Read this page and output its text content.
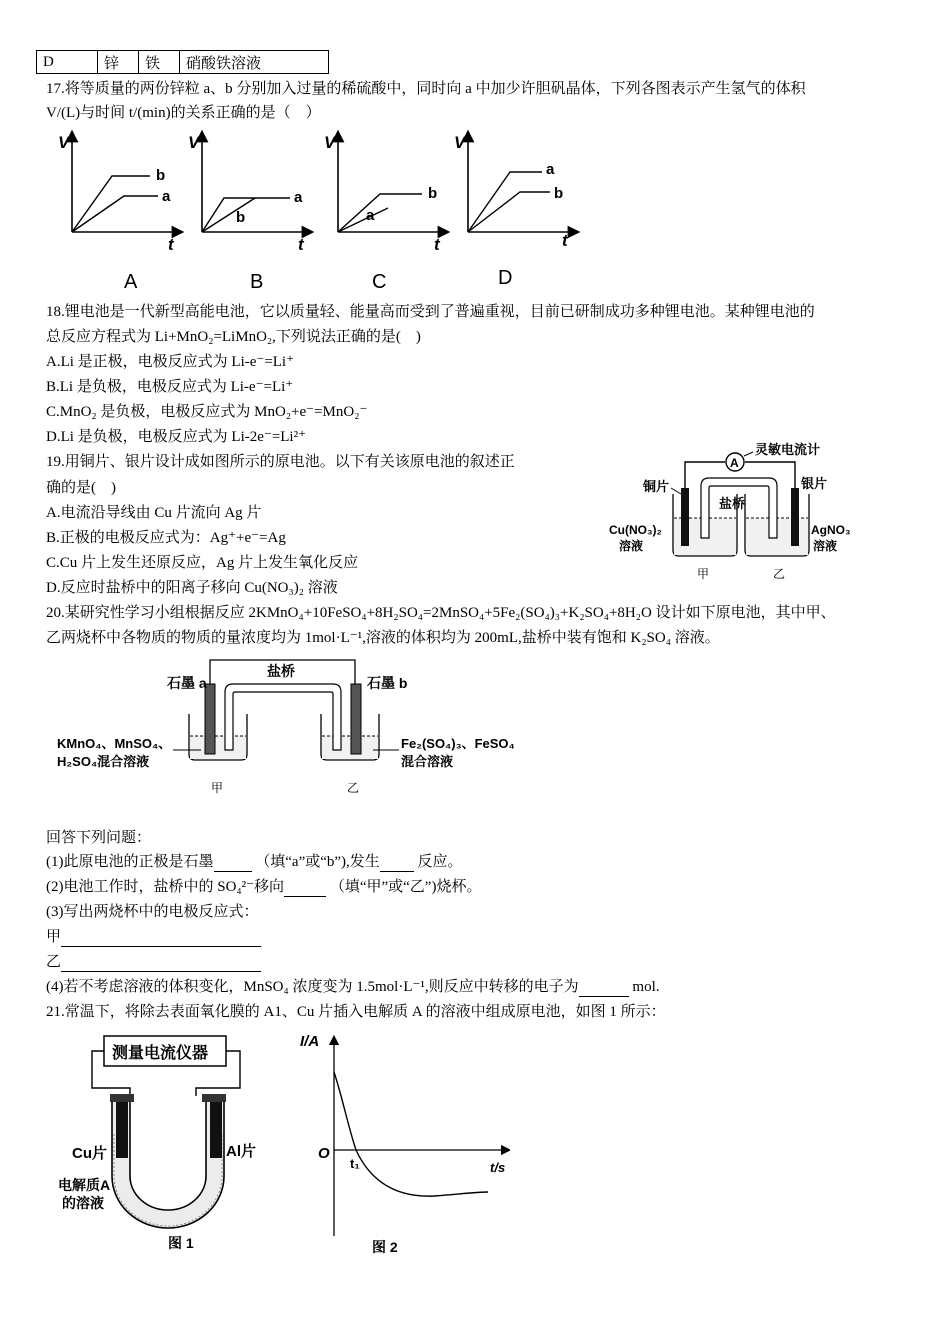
D	锌	铁	硝酸铁溶液
17.将等质量的两份锌粒 a、b 分别加入过量的稀硫酸中，同时向 a 中加少许胆矾晶体，下列各图表示产生氢气的体积
V/(L)与时间 t/(min)的关系正确的是（　）
V
t
b
a
A
V
t
a
b
B
V
t
b
a
C
V
t
a
b
D
18.锂电池是一代新型高能电池，它以质量轻、能量高而受到了普遍重视，目前已研制成功多种锂电池。某种锂电池的
总反应方程式为 Li+MnO₂=LiMnO₂,下列说法正确的是(　)
A.Li 是正极，电极反应式为 Li-e⁻=Li⁺
B.Li 是负极，电极反应式为 Li-e⁻=Li⁺
C.MnO₂ 是负极，电极反应式为 MnO₂+e⁻=MnO₂⁻
D.Li 是负极，电极反应式为 Li-2e⁻=Li²⁺
19.用铜片、银片设计成如图所示的原电池。以下有关该原电池的叙述正
确的是(　)
A.电流沿导线由 Cu 片流向 Ag 片
B.正极的电极反应式为：Ag⁺+e⁻=Ag
C.Cu 片上发生还原反应，Ag 片上发生氧化反应
D.反应时盐桥中的阳离子移向 Cu(NO₃)₂ 溶液
A
灵敏电流计
铜片	银片
盐桥
Cu(NO₃)₂
溶液
AgNO₃
溶液
甲	乙
20.某研究性学习小组根据反应 2KMnO₄+10FeSO₄+8H₂SO₄=2MnSO₄+5Fe₂(SO₄)₃+K₂SO₄+8H₂O 设计如下原电池，其中甲、
乙两烧杯中各物质的物质的量浓度均为 1mol·L⁻¹,溶液的体积均为 200mL,盐桥中装有饱和 K₂SO₄ 溶液。
盐桥
石墨 a	石墨 b
KMnO₄、MnSO₄、
H₂SO₄混合溶液
Fe₂(SO₄)₃、FeSO₄
混合溶液
甲	乙
回答下列问题：
(1)此原电池的正极是石墨	（填“a”或“b”),发生	反应。
(2)电池工作时，盐桥中的 SO₄²⁻移向	（填“甲”或“乙”)烧杯。
(3)写出两烧杯中的电极反应式：
甲
乙
(4)若不考虑溶液的体积变化，MnSO₄ 浓度变为 1.5mol·L⁻¹,则反应中转移的电子为	mol.
21.常温下，将除去表面氧化膜的 A1、Cu 片插入电解质 A 的溶液中组成原电池，如图 1 所示：
测量电流仪器
Cu片	Al片
电解质A
的溶液
图 1
I/A
O
t₁	t/s
图 2
